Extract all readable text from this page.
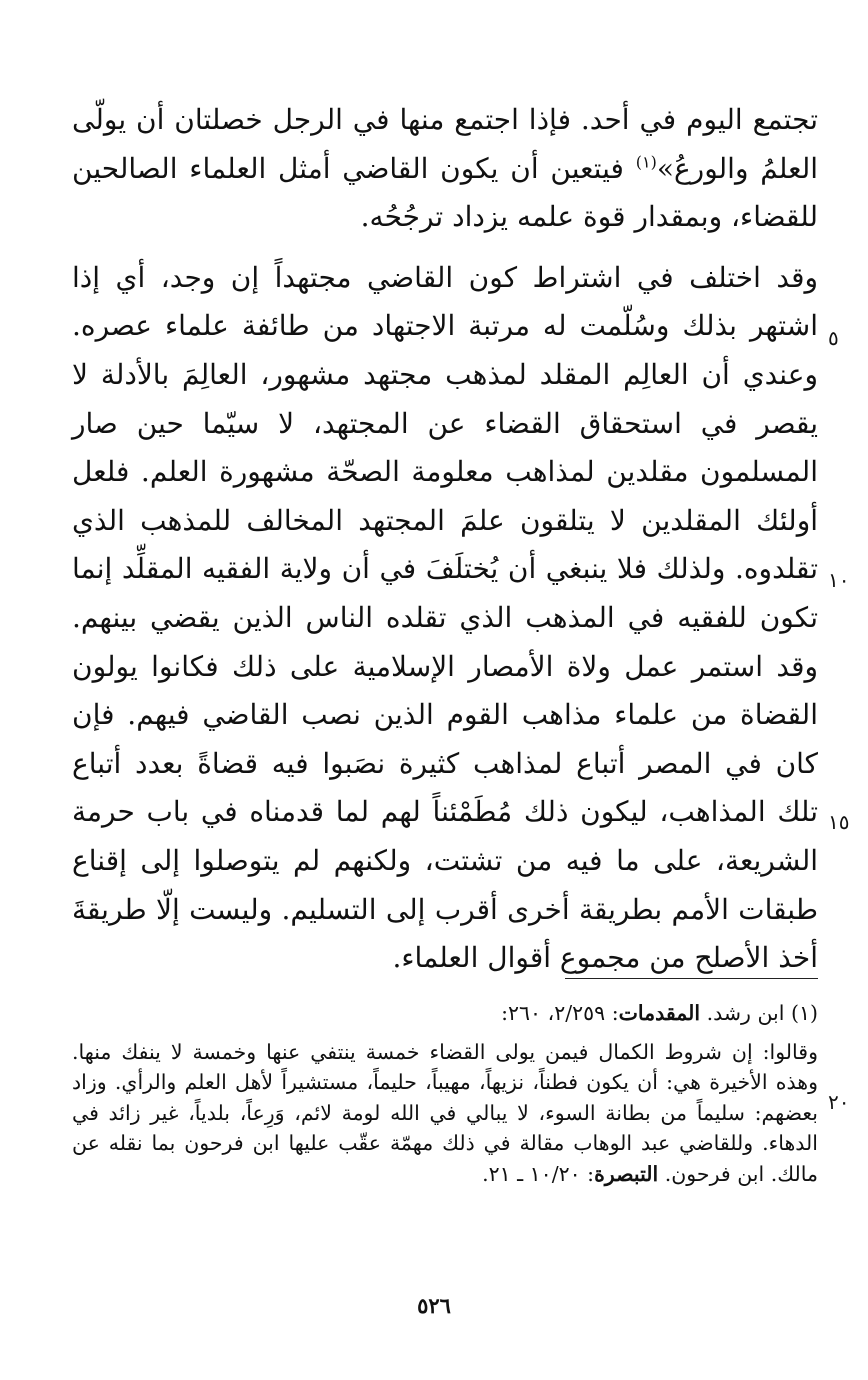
تجتمع اليوم في أحد. فإذا اجتمع منها في الرجل خصلتان أن يولّى العلمُ والورعُ»$^{(١)}$ فيتعين أن يكون القاضي أمثل العلماء الصالحين للقضاء، وبمقدار قوة علمه يزداد ترجُحُه.

وقد اختلف في اشتراط كون القاضي مجتهداً إن وجد، أي إذا اشتهر بذلك وسُلّمت له مرتبة الاجتهاد من طائفة علماء عصره. وعندي أن العالِم المقلد لمذهب مجتهد مشهور، العالِمَ بالأدلة لا يقصر في استحقاق القضاء عن المجتهد، لا سيّما حين صار المسلمون مقلدين لمذاهب معلومة الصحّة مشهورة العلم. فلعل أولئك المقلدين لا يتلقون علمَ المجتهد المخالف للمذهب الذي تقلدوه. ولذلك فلا ينبغي أن يُختلَفَ في أن ولاية الفقيه المقلِّد إنما تكون للفقيه في المذهب الذي تقلده الناس الذين يقضي بينهم. وقد استمر عمل ولاة الأمصار الإسلامية على ذلك فكانوا يولون القضاة من علماء مذاهب القوم الذين نصب القاضي فيهم. فإن كان في المصر أتباع لمذاهب كثيرة نصَبوا فيه قضاةً بعدد أتباع تلك المذاهب، ليكون ذلك مُطَمْئناً لهم لما قدمناه في باب حرمة الشريعة، على ما فيه من تشتت، ولكنهم لم يتوصلوا إلى إقناع طبقات الأمم بطريقة أخرى أقرب إلى التسليم. وليست إلّا طريقةَ أخذ الأصلح من مجموع أقوال العلماء.

٥
١٠
١٥
٢٠

(١) ابن رشد. المقدمات: ٢/٢٥٩، ٢٦٠:

وقالوا: إن شروط الكمال فيمن يولى القضاء خمسة ينتفي عنها وخمسة لا ينفك منها. وهذه الأخيرة هي: أن يكون فطناً، نزيهاً، مهيباً، حليماً، مستشيراً لأهل العلم والرأي. وزاد بعضهم: سليماً من بطانة السوء، لا يبالي في الله لومة لائم، وَرِعاً، بلدياً، غير زائد في الدهاء. وللقاضي عبد الوهاب مقالة في ذلك مهمّة عقّب عليها ابن فرحون بما نقله عن مالك. ابن فرحون. التبصرة: ١٠/٢٠ ـ ٢١.

٥٢٦
